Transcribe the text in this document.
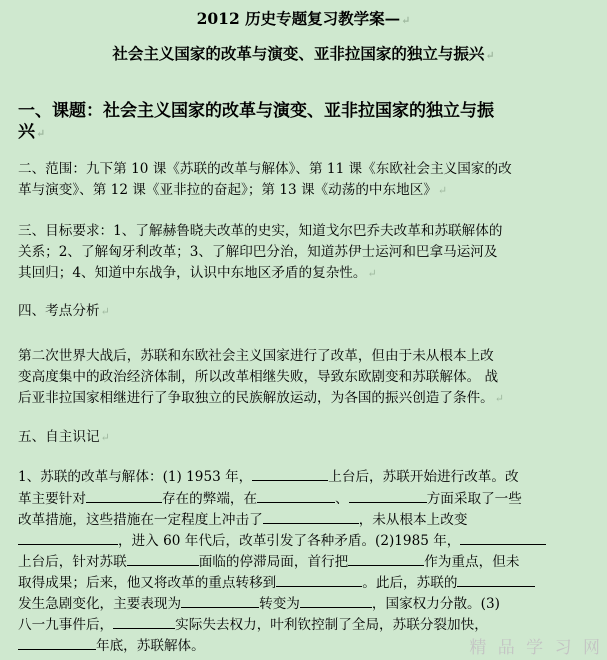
2012 历史专题复习教学案—↵
社会主义国家的改革与演变、亚非拉国家的独立与振兴↵
一、课题：社会主义国家的改革与演变、亚非拉国家的独立与振
兴↵
二、范围：九下第 10 课《苏联的改革与解体》、第 11 课《东欧社会主义国家的改
革与演变》、第 12 课《亚非拉的奋起》；第 13 课《动荡的中东地区》↵
三、目标要求：1、了解赫鲁晓夫改革的史实，知道戈尔巴乔夫改革和苏联解体的
关系；2、了解匈牙利改革；3、了解印巴分治，知道苏伊士运河和巴拿马运河及
其回归；4、知道中东战争，认识中东地区矛盾的复杂性。↵
四、考点分析↵
第二次世界大战后，苏联和东欧社会主义国家进行了改革，但由于未从根本上改
变高度集中的政治经济体制，所以改革相继失败，导致东欧剧变和苏联解体。 战
后亚非拉国家相继进行了争取独立的民族解放运动，为各国的振兴创造了条件。↵
五、自主识记↵
1、苏联的改革与解体：(1) 1953 年，	上台后，苏联开始进行改革。改
革主要针对	存在的弊端，在	、	方面采取了一些
改革措施，这些措施在一定程度上冲击了	，未从根本上改变
，进入 60 年代后，改革引发了各种矛盾。(2)1985 年，
上台后，针对苏联	面临的停滞局面，首行把	作为重点，但未
取得成果；后来，他又将改革的重点转移到	。此后，苏联的
发生急剧变化，主要表现为	转变为	，国家权力分散。(3)
八一九事件后，	实际失去权力，叶利钦控制了全局，苏联分裂加快，
年底，苏联解体。	精 品 学 习 网
